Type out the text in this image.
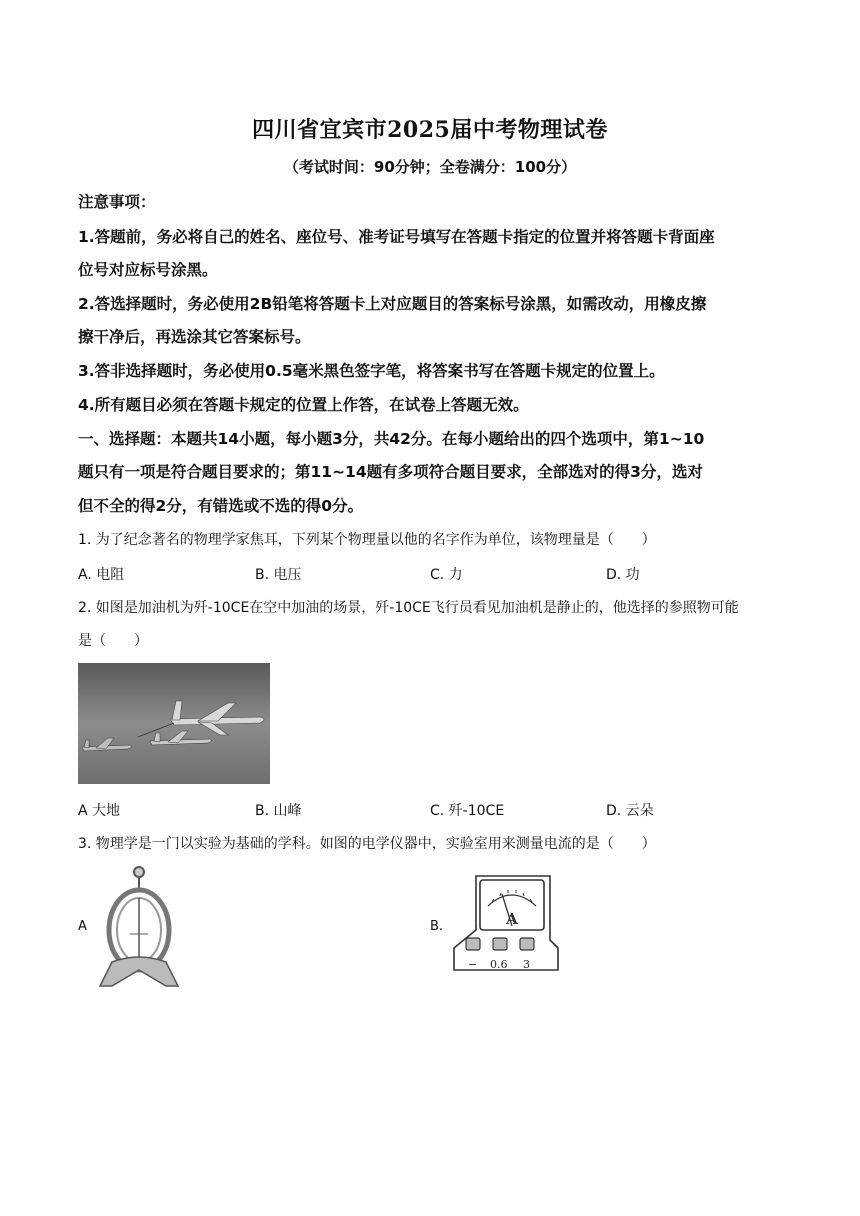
四川省宜宾市2025届中考物理试卷
（考试时间：90分钟；全卷满分：100分）
注意事项：
1.答题前，务必将自己的姓名、座位号、准考证号填写在答题卡指定的位置并将答题卡背面座
位号对应标号涂黑。
2.答选择题时，务必使用2B铅笔将答题卡上对应题目的答案标号涂黑，如需改动，用橡皮擦
擦干净后，再选涂其它答案标号。
3.答非选择题时，务必使用0.5毫米黑色签字笔，将答案书写在答题卡规定的位置上。
4.所有题目必须在答题卡规定的位置上作答，在试卷上答题无效。
一、选择题：本题共14小题，每小题3分，共42分。在每小题给出的四个选项中，第1~10
题只有一项是符合题目要求的；第11~14题有多项符合题目要求，全部选对的得3分，选对
但不全的得2分，有错选或不选的得0分。
1. 为了纪念著名的物理学家焦耳，下列某个物理量以他的名字作为单位，该物理量是（　　）
A. 电阻	B. 电压	C. 力	D. 功
2. 如图是加油机为歼-10CE在空中加油的场景，歼-10CE飞行员看见加油机是静止的，他选择的参照物可能
是（　　）
A 大地	B. 山峰	C. 歼-10CE	D. 云朵
3. 物理学是一门以实验为基础的学科。如图的电学仪器中，实验室用来测量电流的是（　　）
A	B.	A
− 0.6 3
